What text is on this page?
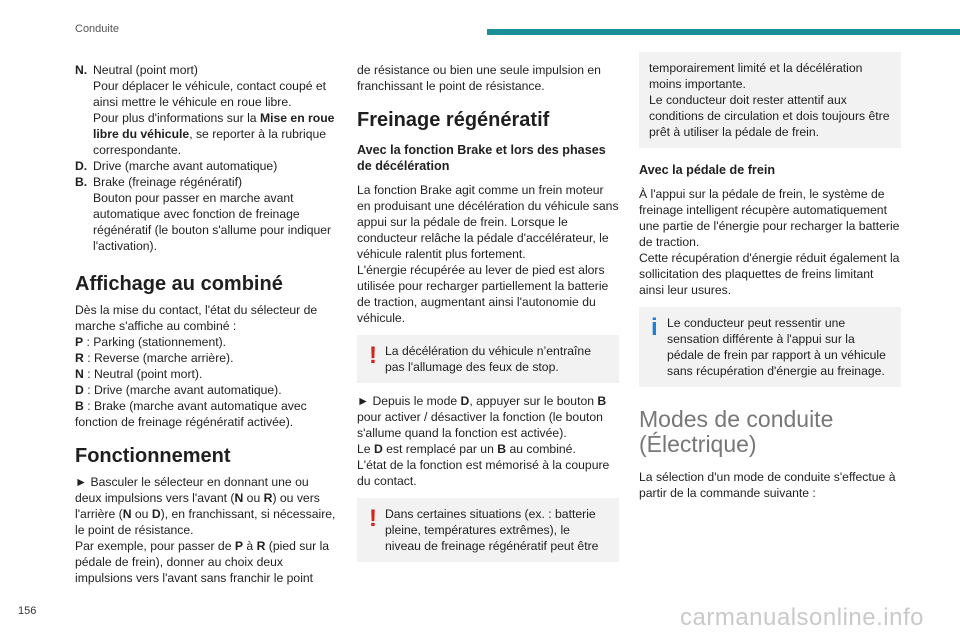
Conduite
N. Neutral (point mort)
Pour déplacer le véhicule, contact coupé et ainsi mettre le véhicule en roue libre.
Pour plus d'informations sur la Mise en roue libre du véhicule, se reporter à la rubrique correspondante.
D. Drive (marche avant automatique)
B. Brake (freinage régénératif)
Bouton pour passer en marche avant automatique avec fonction de freinage régénératif (le bouton s'allume pour indiquer l'activation).
Affichage au combiné

Dès la mise du contact, l'état du sélecteur de marche s'affiche au combiné :

P : Parking (stationnement).

R : Reverse (marche arrière).

N : Neutral (point mort).

D : Drive (marche avant automatique).

B : Brake (marche avant automatique avec fonction de freinage régénératif activée).

Fonctionnement

► Basculer le sélecteur en donnant une ou deux impulsions vers l'avant (N ou R) ou vers l'arrière (N ou D), en franchissant, si nécessaire, le point de résistance.

Par exemple, pour passer de P à R (pied sur la pédale de frein), donner au choix deux impulsions vers l'avant sans franchir le point

de résistance ou bien une seule impulsion en franchissant le point de résistance.

Freinage régénératif
Avec la fonction Brake et lors des phases de décélération

La fonction Brake agit comme un frein moteur en produisant une décélération du véhicule sans appui sur la pédale de frein. Lorsque le conducteur relâche la pédale d'accélérateur, le véhicule ralentit plus fortement.

L'énergie récupérée au lever de pied est alors utilisée pour recharger partiellement la batterie de traction, augmentant ainsi l'autonomie du véhicule.

! La décélération du véhicule n’entraîne pas l'allumage des feux de stop.

► Depuis le mode D, appuyer sur le bouton B pour activer / désactiver la fonction (le bouton s'allume quand la fonction est activée).

Le D est remplacé par un B au combiné.

L'état de la fonction est mémorisé à la coupure du contact.

! Dans certaines situations (ex. : batterie pleine, températures extrêmes), le niveau de freinage régénératif peut être

temporairement limité et la décélération moins importante.

Le conducteur doit rester attentif aux conditions de circulation et dois toujours être prêt à utiliser la pédale de frein.

Avec la pédale de frein

À l'appui sur la pédale de frein, le système de freinage intelligent récupère automatiquement une partie de l'énergie pour recharger la batterie de traction.

Cette récupération d'énergie réduit également la sollicitation des plaquettes de freins limitant ainsi leur usures.

i Le conducteur peut ressentir une sensation différente à l'appui sur la pédale de frein par rapport à un véhicule sans récupération d'énergie au freinage.

Modes de conduite
(Électrique)

La sélection d'un mode de conduite s'effectue à partir de la commande suivante :

156	carmanualsonline.info
